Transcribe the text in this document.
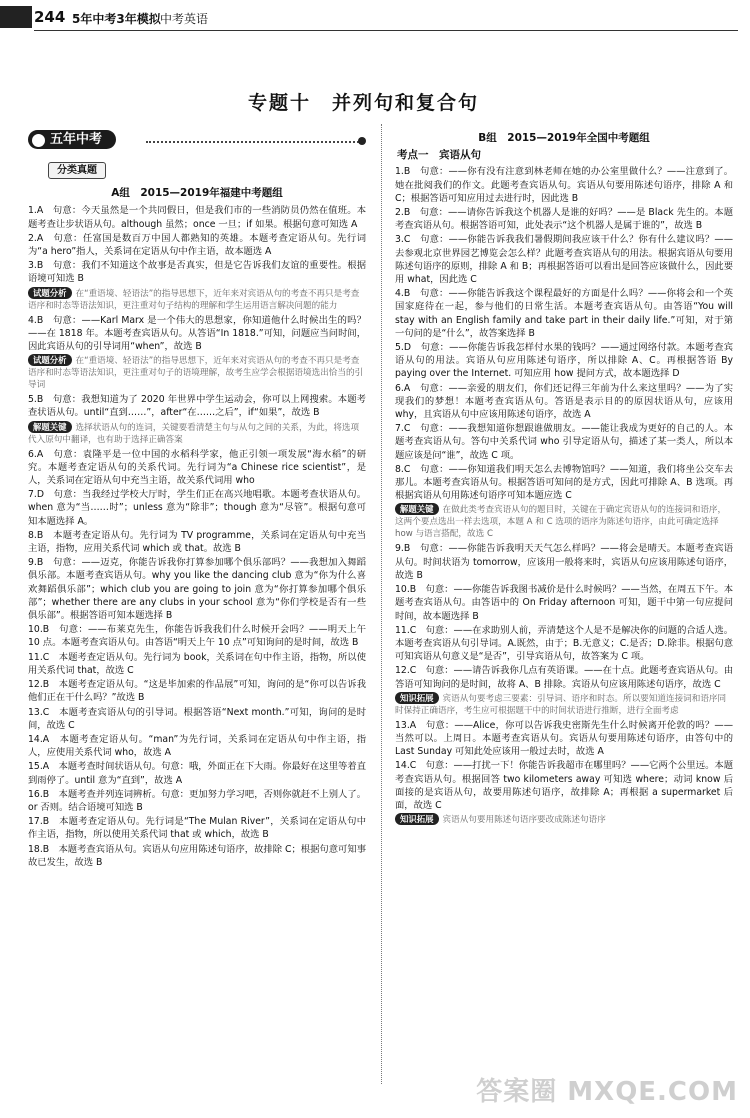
244 5年中考3年模拟 中考英语
专题十　并列句和复合句
五年中考
分类真题
A组　2015—2019年福建中考题组
1.A　句意：今天虽然是一个共同假日，但是我们市的一些消防员仍然在值班。本题考查让步状语从句。although 虽然；once 一旦；if 如果。根据句意可知选 A
2.A　句意：任富国是数百万中国人都熟知的英雄。本题考查定语从句。先行词为“a hero”指人，关系词在定语从句中作主语，故本题选 A
3.B　句意：我们不知道这个故事是否真实，但是它告诉我们友谊的重要性。根据语境可知选 B
试题分析 在“重语境、轻语法”的指导思想下，近年来对宾语从句的考查不再只是考查语序和时态等语法知识，更注重对句子结构的理解和学生运用语言解决问题的能力
4.B　句意：——Karl Marx 是一个伟大的思想家，你知道他什么时候出生的吗？——在 1818 年。本题考查宾语从句。从答语“In 1818.”可知，问题应当问时间，因此宾语从句的引导词用“when”，故选 B
试题分析 在“重语境、轻语法”的指导思想下，近年来对宾语从句的考查不再只是考查语序和时态等语法知识，更注重对句子的语境理解，故考生应学会根据语境选出恰当的引导词
5.B　句意：我想知道为了 2020 年世界中学生运动会，你可以上网搜索。本题考查状语从句。until“直到……”，after“在……之后”，if“如果”，故选 B
解题关键 选择状语从句的连词，关键要看清楚主句与从句之间的关系，为此，将选项代入原句中翻译，也有助于选择正确答案
6.A　句意：袁隆平是一位中国的水稻科学家，他正引领一项发展“海水稻”的研究。本题考查定语从句的关系代词。先行词为“a Chinese rice scientist”，是人，关系词在定语从句中充当主语，故关系代词用 who
7.D　句意：当我经过学校大厅时，学生们正在高兴地唱歌。本题考查状语从句。when 意为“当……时”；unless 意为“除非”；though 意为“尽管”。根据句意可知本题选择 A。
8.B　本题考查定语从句。先行词为 TV programme，关系词在定语从句中充当主语，指物，应用关系代词 which 或 that。故选 B
9.B　句意：——迈克，你能告诉我你打算参加哪个俱乐部吗？——我想加入舞蹈俱乐部。本题考查宾语从句。why you like the dancing club 意为“你为什么喜欢舞蹈俱乐部”；which club you are going to join 意为“你打算参加哪个俱乐部”；whether there are any clubs in your school 意为“你们学校是否有一些俱乐部”。根据答语可知本题选择 B
10.B　句意：——布莱克先生，你能告诉我我们什么时候开会吗？——明天上午 10 点。本题考查宾语从句。由答语“明天上午 10 点”可知询问的是时间，故选 B
11.C　本题考查定语从句。先行词为 book，关系词在句中作主语，指物，所以使用关系代词 that，故选 C
12.B　本题考查定语从句。“这是毕加索的作品展”可知，询问的是“你可以告诉我他们正在干什么吗？”故选 B
13.C　本题考查宾语从句的引导词。根据答语“Next month.”可知，询问的是时间，故选 C
14.A　本题考查定语从句。“man”为先行词，关系词在定语从句中作主语，指人，应使用关系代词 who，故选 A
15.A　本题考查时间状语从句。句意：哦，外面正在下大雨。你最好在这里等着直到雨停了。until 意为“直到”，故选 A
16.B　本题考查并列连词辨析。句意：更加努力学习吧，否则你就赶不上别人了。or 否则。结合语境可知选 B
17.B　本题考查定语从句。先行词是“The Mulan River”，关系词在定语从句中作主语，指物，所以使用关系代词 that 或 which，故选 B
18.B　本题考查宾语从句。宾语从句应用陈述句语序，故排除 C；根据句意可知事故已发生，故选 B
B组　2015—2019年全国中考题组
考点一　宾语从句
1.B　句意：——你有没有注意到林老师在她的办公室里做什么？——注意到了。她在批阅我们的作文。此题考查宾语从句。宾语从句要用陈述句语序，排除 A 和 C；根据答语可知应用过去进行时，因此选 B
2.B　句意：——请你告诉我这个机器人是谁的好吗？——是 Black 先生的。本题考查宾语从句。根据答语可知，此处表示“这个机器人是属于谁的”，故选 B
3.C　句意：——你能告诉我我们暑假期间我应该干什么？你有什么建议吗？——去参观北京世界园艺博览会怎么样？此题考查宾语从句的用法。根据宾语从句要用陈述句语序的原则，排除 A 和 B；再根据答语可以看出是回答应该做什么，因此要用 what，因此选 C
4.B　句意：——你能告诉我这个课程最好的方面是什么吗？——你将会和一个英国家庭待在一起，参与他们的日常生活。本题考查宾语从句。由答语“You will stay with an English family and take part in their daily life.”可知，对于第一句问的是“什么”，故答案选择 B
5.D　句意：——你能告诉我怎样付水果的钱吗？——通过网络付款。本题考查宾语从句的用法。宾语从句应用陈述句语序，所以排除 A、C。再根据答语 By paying over the Internet. 可知应用 how 提问方式，故本题选择 D
6.A　句意：——亲爱的朋友们，你们还记得三年前为什么来这里吗？——为了实现我们的梦想！本题考查宾语从句。答语是表示目的的原因状语从句，应该用 why，且宾语从句中应该用陈述句语序，故选 A
7.C　句意：——我想知道你想跟谁做朋友。——能让我成为更好的自己的人。本题考查宾语从句。答句中关系代词 who 引导定语从句，描述了某一类人，所以本题应该是问“谁”，故选 C 项。
8.C　句意：——你知道我们明天怎么去博物馆吗？——知道，我们将坐公交车去那儿。本题考查宾语从句。根据答语可知问的是方式，因此可排除 A、B 选项。再根据宾语从句用陈述句语序可知本题应选 C
解题关键 在做此类考查宾语从句的题目时，关键在于确定宾语从句的连接词和语序，这两个要点选出一样去选项，本题 A 和 C 选项的语序为陈述句语序，由此可确定选择 how 与语言搭配，故选 C
9.B　句意：——你能告诉我明天天气怎么样吗？——将会是晴天。本题考查宾语从句。时间状语为 tomorrow，应该用一般将来时，宾语从句应该用陈述句语序，故选 B
10.B　句意：——你能告诉我图书减价是什么时候吗？——当然，在周五下午。本题考查宾语从句。由答语中的 On Friday afternoon 可知，题干中第一句应提问时间，故本题选择 B
11.C　句意：——在求助别人前，弄清楚这个人是不是解决你的问题的合适人选。本题考查宾语从句引导词。A.既然，由于；B.无意义；C.是否；D.除非。根据句意可知宾语从句意义是“是否”，引导宾语从句，故答案为 C 项。
12.C　句意：——请告诉我你几点有英语课。——在十点。此题考查宾语从句。由答语可知询问的是时间，故将 A、B 排除。宾语从句应该用陈述句语序，故选 C
知识拓展 宾语从句要考虑三要素：引导词、语序和时态。所以要知道连接词和语序同时保持正确语序，考生应可根据题干中的时间状语进行推断，进行全面考虑
13.A　句意：——Alice，你可以告诉我史密斯先生什么时候离开伦敦的吗？——当然可以。上周日。本题考查宾语从句。宾语从句要用陈述句语序，由答句中的 Last Sunday 可知此处应该用一般过去时，故选 A
14.C　句意：——打扰一下！你能告诉我超市在哪里吗？——它两个公里远。本题考查宾语从句。根据回答 two kilometers away 可知选 where；动词 know 后面接的是宾语从句，故要用陈述句语序，故排除 A；再根据 a supermarket 后面，故选 C
知识拓展 宾语从句要用陈述句语序要改成陈述句语序
答案圈 MXQE.COM
